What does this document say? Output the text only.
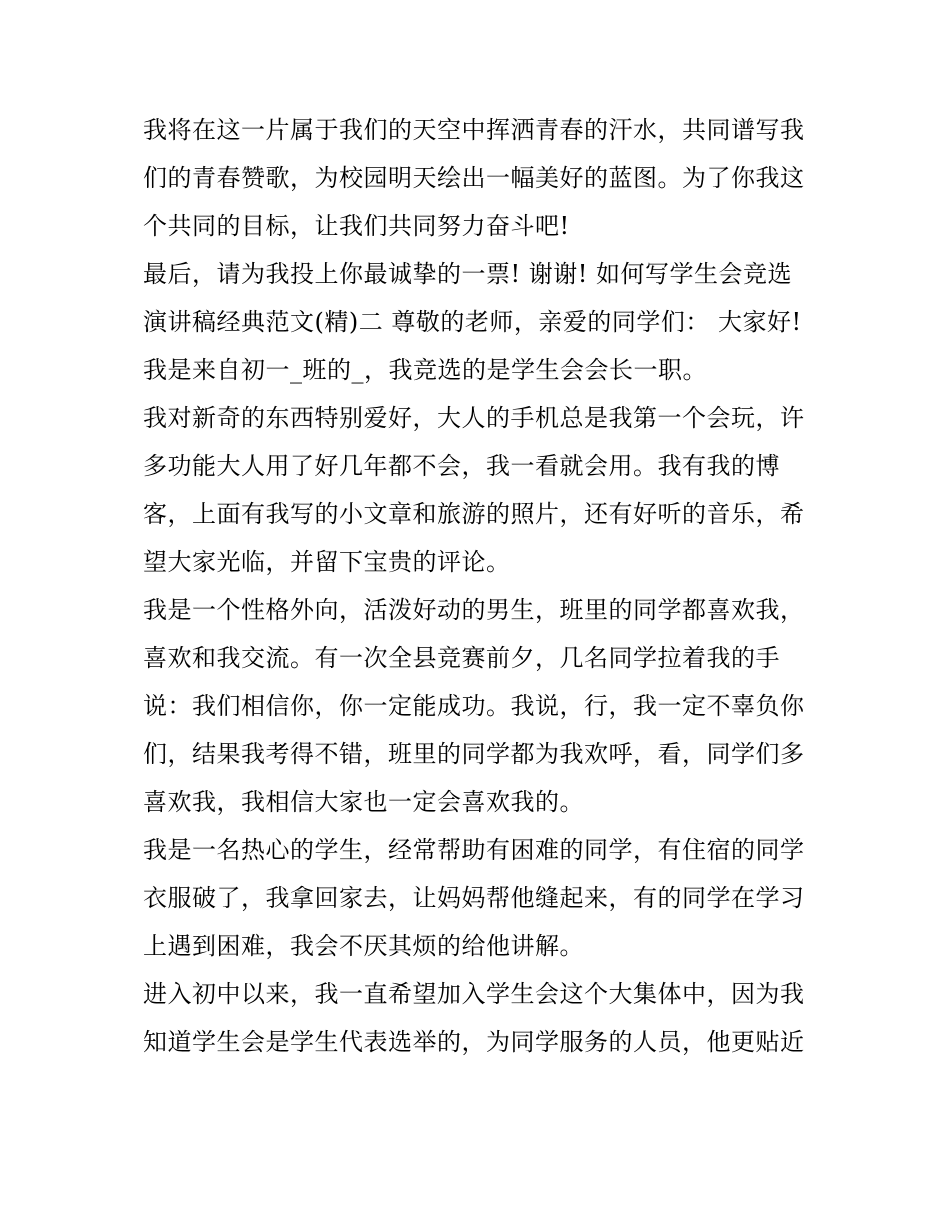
我将在这一片属于我们的天空中挥洒青春的汗水，共同谱写我
们的青春赞歌，为校园明天绘出一幅美好的蓝图。为了你我这
个共同的目标，让我们共同努力奋斗吧!
最后，请为我投上你最诚挚的一票! 谢谢! 如何写学生会竞选
演讲稿经典范文(精)二 尊敬的老师，亲爱的同学们： 大家好!
我是来自初一_班的_，我竞选的是学生会会长一职。
我对新奇的东西特别爱好，大人的手机总是我第一个会玩，许
多功能大人用了好几年都不会，我一看就会用。我有我的博
客，上面有我写的小文章和旅游的照片，还有好听的音乐，希
望大家光临，并留下宝贵的评论。
我是一个性格外向，活泼好动的男生，班里的同学都喜欢我，
喜欢和我交流。有一次全县竞赛前夕，几名同学拉着我的手
说：我们相信你，你一定能成功。我说，行，我一定不辜负你
们，结果我考得不错，班里的同学都为我欢呼，看，同学们多
喜欢我，我相信大家也一定会喜欢我的。
我是一名热心的学生，经常帮助有困难的同学，有住宿的同学
衣服破了，我拿回家去，让妈妈帮他缝起来，有的同学在学习
上遇到困难，我会不厌其烦的给他讲解。
进入初中以来，我一直希望加入学生会这个大集体中，因为我
知道学生会是学生代表选举的，为同学服务的人员，他更贴近
